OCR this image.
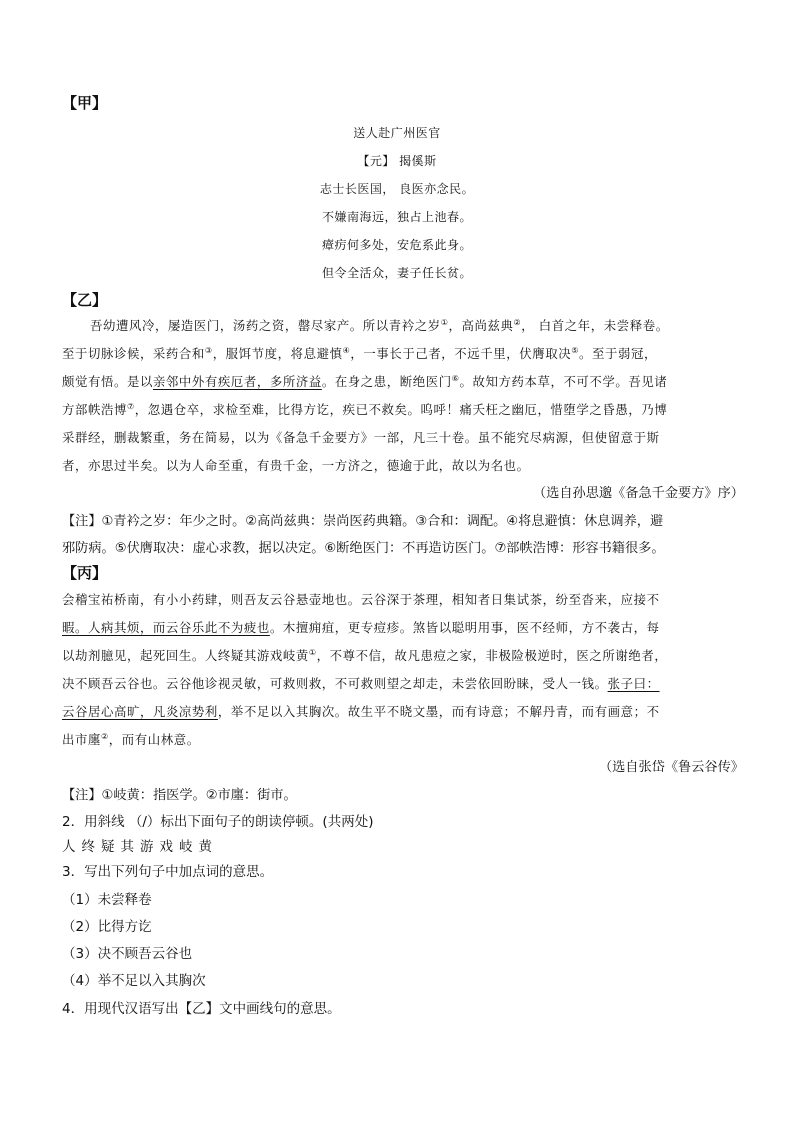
【甲】
送人赴广州医官
【元】 揭傒斯
志士长医国， 良医亦念民。
不嫌南海远，独占上池春。
瘴疠何多处，安危系此身。
但令全活众，妻子任长贫。
【乙】
吾幼遭风冷，屡造医门，汤药之资，罄尽家产。所以青衿之岁①，高尚兹典②， 白首之年，未尝释卷。
至于切脉诊候，采药合和③，服饵节度，将息避慎④，一事长于己者，不远千里，伏膺取决⑤。至于弱冠，
颇觉有悟。是以亲邻中外有疾厄者，多所济益。在身之患，断绝医门⑥。故知方药本草，不可不学。吾见诸
方部帙浩博⑦，忽遇仓卒，求检至难，比得方讫，疾已不救矣。呜呼！痛夭枉之幽厄，惜堕学之昏愚，乃博
采群经，删裁繁重，务在简易，以为《备急千金要方》一部，凡三十卷。虽不能究尽病源，但使留意于斯
者，亦思过半矣。以为人命至重，有贵千金，一方济之，德逾于此，故以为名也。
（选自孙思邈《备急千金要方》序）
【注】①青衿之岁：年少之时。②高尚兹典：崇尚医药典籍。③合和：调配。④将息避慎：休息调养，避
邪防病。⑤伏膺取决：虚心求教，据以决定。⑥断绝医门：不再造访医门。⑦部帙浩博：形容书籍很多。
【丙】
会稽宝祐桥南，有小小药肆，则吾友云谷悬壶地也。云谷深于茶理，相知者日集试茶，纷至沓来，应接不
暇。人病其烦，而云谷乐此不为疲也。木擅痈疽，更专痘疹。煞皆以聪明用事，医不经师，方不袭古，每
以劫剂臆见，起死回生。人终疑其游戏岐黄①，不尊不信，故凡患痘之家，非极险极逆时，医之所谢绝者，
决不顾吾云谷也。云谷他诊视灵敏，可救则救，不可救则望之却走，未尝依回盼睐，受人一钱。张子曰：
云谷居心高旷，凡炎凉势利，举不足以入其胸次。故生平不晓文墨，而有诗意；不解丹青，而有画意；不
出市廛②，而有山林意。
（选自张岱《鲁云谷传》
【注】①岐黄：指医学。②市廛：街市。
2．用斜线 （/）标出下面句子的朗读停顿。(共两处)
人终疑其游戏岐黄
3．写出下列句子中加点词的意思。
（1）未尝释卷
（2）比得方讫
（3）决不顾吾云谷也
（4）举不足以入其胸次
4．用现代汉语写出【乙】文中画线句的意思。
